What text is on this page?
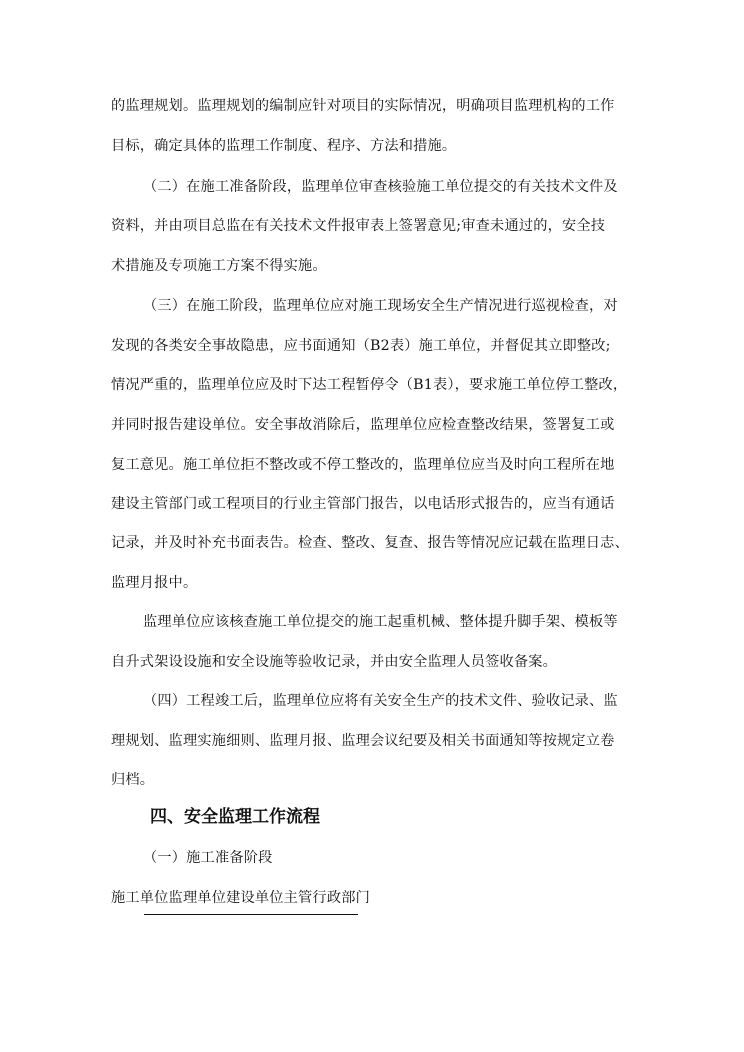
的监理规划。监理规划的编制应针对项目的实际情况，明确项目监理机构的工作
目标，确定具体的监理工作制度、程序、方法和措施。
（二）在施工准备阶段，监理单位审查核验施工单位提交的有关技术文件及
资料，并由项目总监在有关技术文件报审表上签署意见;审查未通过的，安全技
术措施及专项施工方案不得实施。
（三）在施工阶段，监理单位应对施工现场安全生产情况进行巡视检查，对
发现的各类安全事故隐患，应书面通知（B2表）施工单位，并督促其立即整改;
情况严重的，监理单位应及时下达工程暂停令（B1表），要求施工单位停工整改，
并同时报告建设单位。安全事故消除后，监理单位应检查整改结果，签署复工或
复工意见。施工单位拒不整改或不停工整改的，监理单位应当及时向工程所在地
建设主管部门或工程项目的行业主管部门报告，以电话形式报告的，应当有通话
记录，并及时补充书面表告。检查、整改、复查、报告等情况应记载在监理日志、
监理月报中。
监理单位应该核查施工单位提交的施工起重机械、整体提升脚手架、模板等
自升式架设设施和安全设施等验收记录，并由安全监理人员签收备案。
（四）工程竣工后，监理单位应将有关安全生产的技术文件、验收记录、监
理规划、监理实施细则、监理月报、监理会议纪要及相关书面通知等按规定立卷
归档。
四、安全监理工作流程
（一）施工准备阶段
施工单位监理单位建设单位主管行政部门
